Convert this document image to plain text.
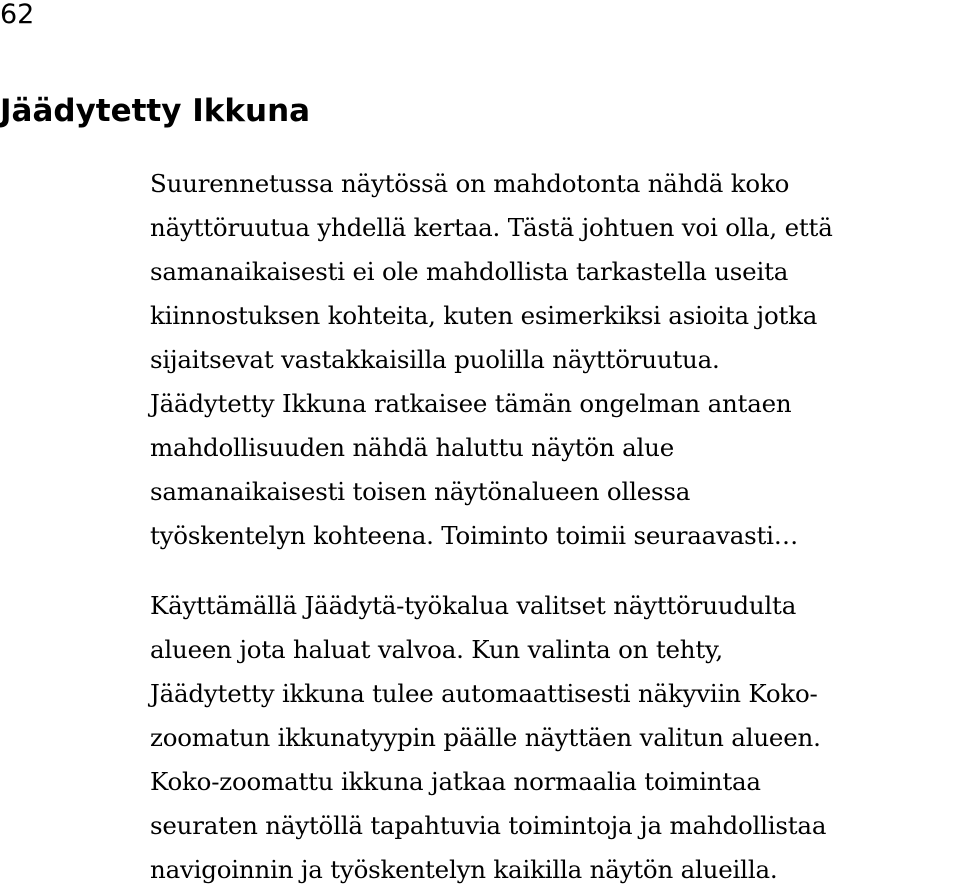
62
Jäädytetty Ikkuna
Suurennetussa näytössä on mahdotonta nähdä koko
näyttöruutua yhdellä kertaa. Tästä johtuen voi olla, että
samanaikaisesti ei ole mahdollista tarkastella useita
kiinnostuksen kohteita, kuten esimerkiksi asioita jotka
sijaitsevat vastakkaisilla puolilla näyttöruutua.
Jäädytetty Ikkuna ratkaisee tämän ongelman antaen
mahdollisuuden nähdä haluttu näytön alue
samanaikaisesti toisen näytönalueen ollessa
työskentelyn kohteena. Toiminto toimii seuraavasti…
Käyttämällä Jäädytä-työkalua valitset näyttöruudulta
alueen jota haluat valvoa. Kun valinta on tehty,
Jäädytetty ikkuna tulee automaattisesti näkyviin Koko-
zoomatun ikkunatyypin päälle näyttäen valitun alueen.
Koko-zoomattu ikkuna jatkaa normaalia toimintaa
seuraten näytöllä tapahtuvia toimintoja ja mahdollistaa
navigoinnin ja työskentelyn kaikilla näytön alueilla.
